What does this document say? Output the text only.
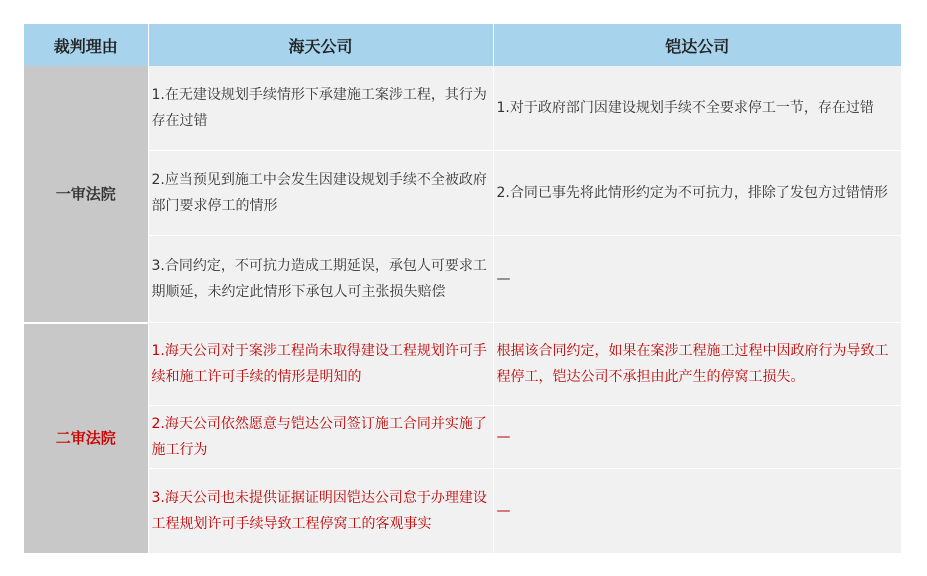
裁判理由	海天公司	铠达公司
一审法院	1.在无建设规划手续情形下承建施工案涉工程，其行为存在过错	1.对于政府部门因建设规划手续不全要求停工一节，存在过错
	2.应当预见到施工中会发生因建设规划手续不全被政府部门要求停工的情形	2.合同已事先将此情形约定为不可抗力，排除了发包方过错情形
	3.合同约定，不可抗力造成工期延误，承包人可要求工期顺延，未约定此情形下承包人可主张损失赔偿	—
二审法院	1.海天公司对于案涉工程尚未取得建设工程规划许可手续和施工许可手续的情形是明知的	根据该合同约定，如果在案涉工程施工过程中因政府行为导致工程停工，铠达公司不承担由此产生的停窝工损失。
	2.海天公司依然愿意与铠达公司签订施工合同并实施了施工行为	—
	3.海天公司也未提供证据证明因铠达公司怠于办理建设工程规划许可手续导致工程停窝工的客观事实	—
